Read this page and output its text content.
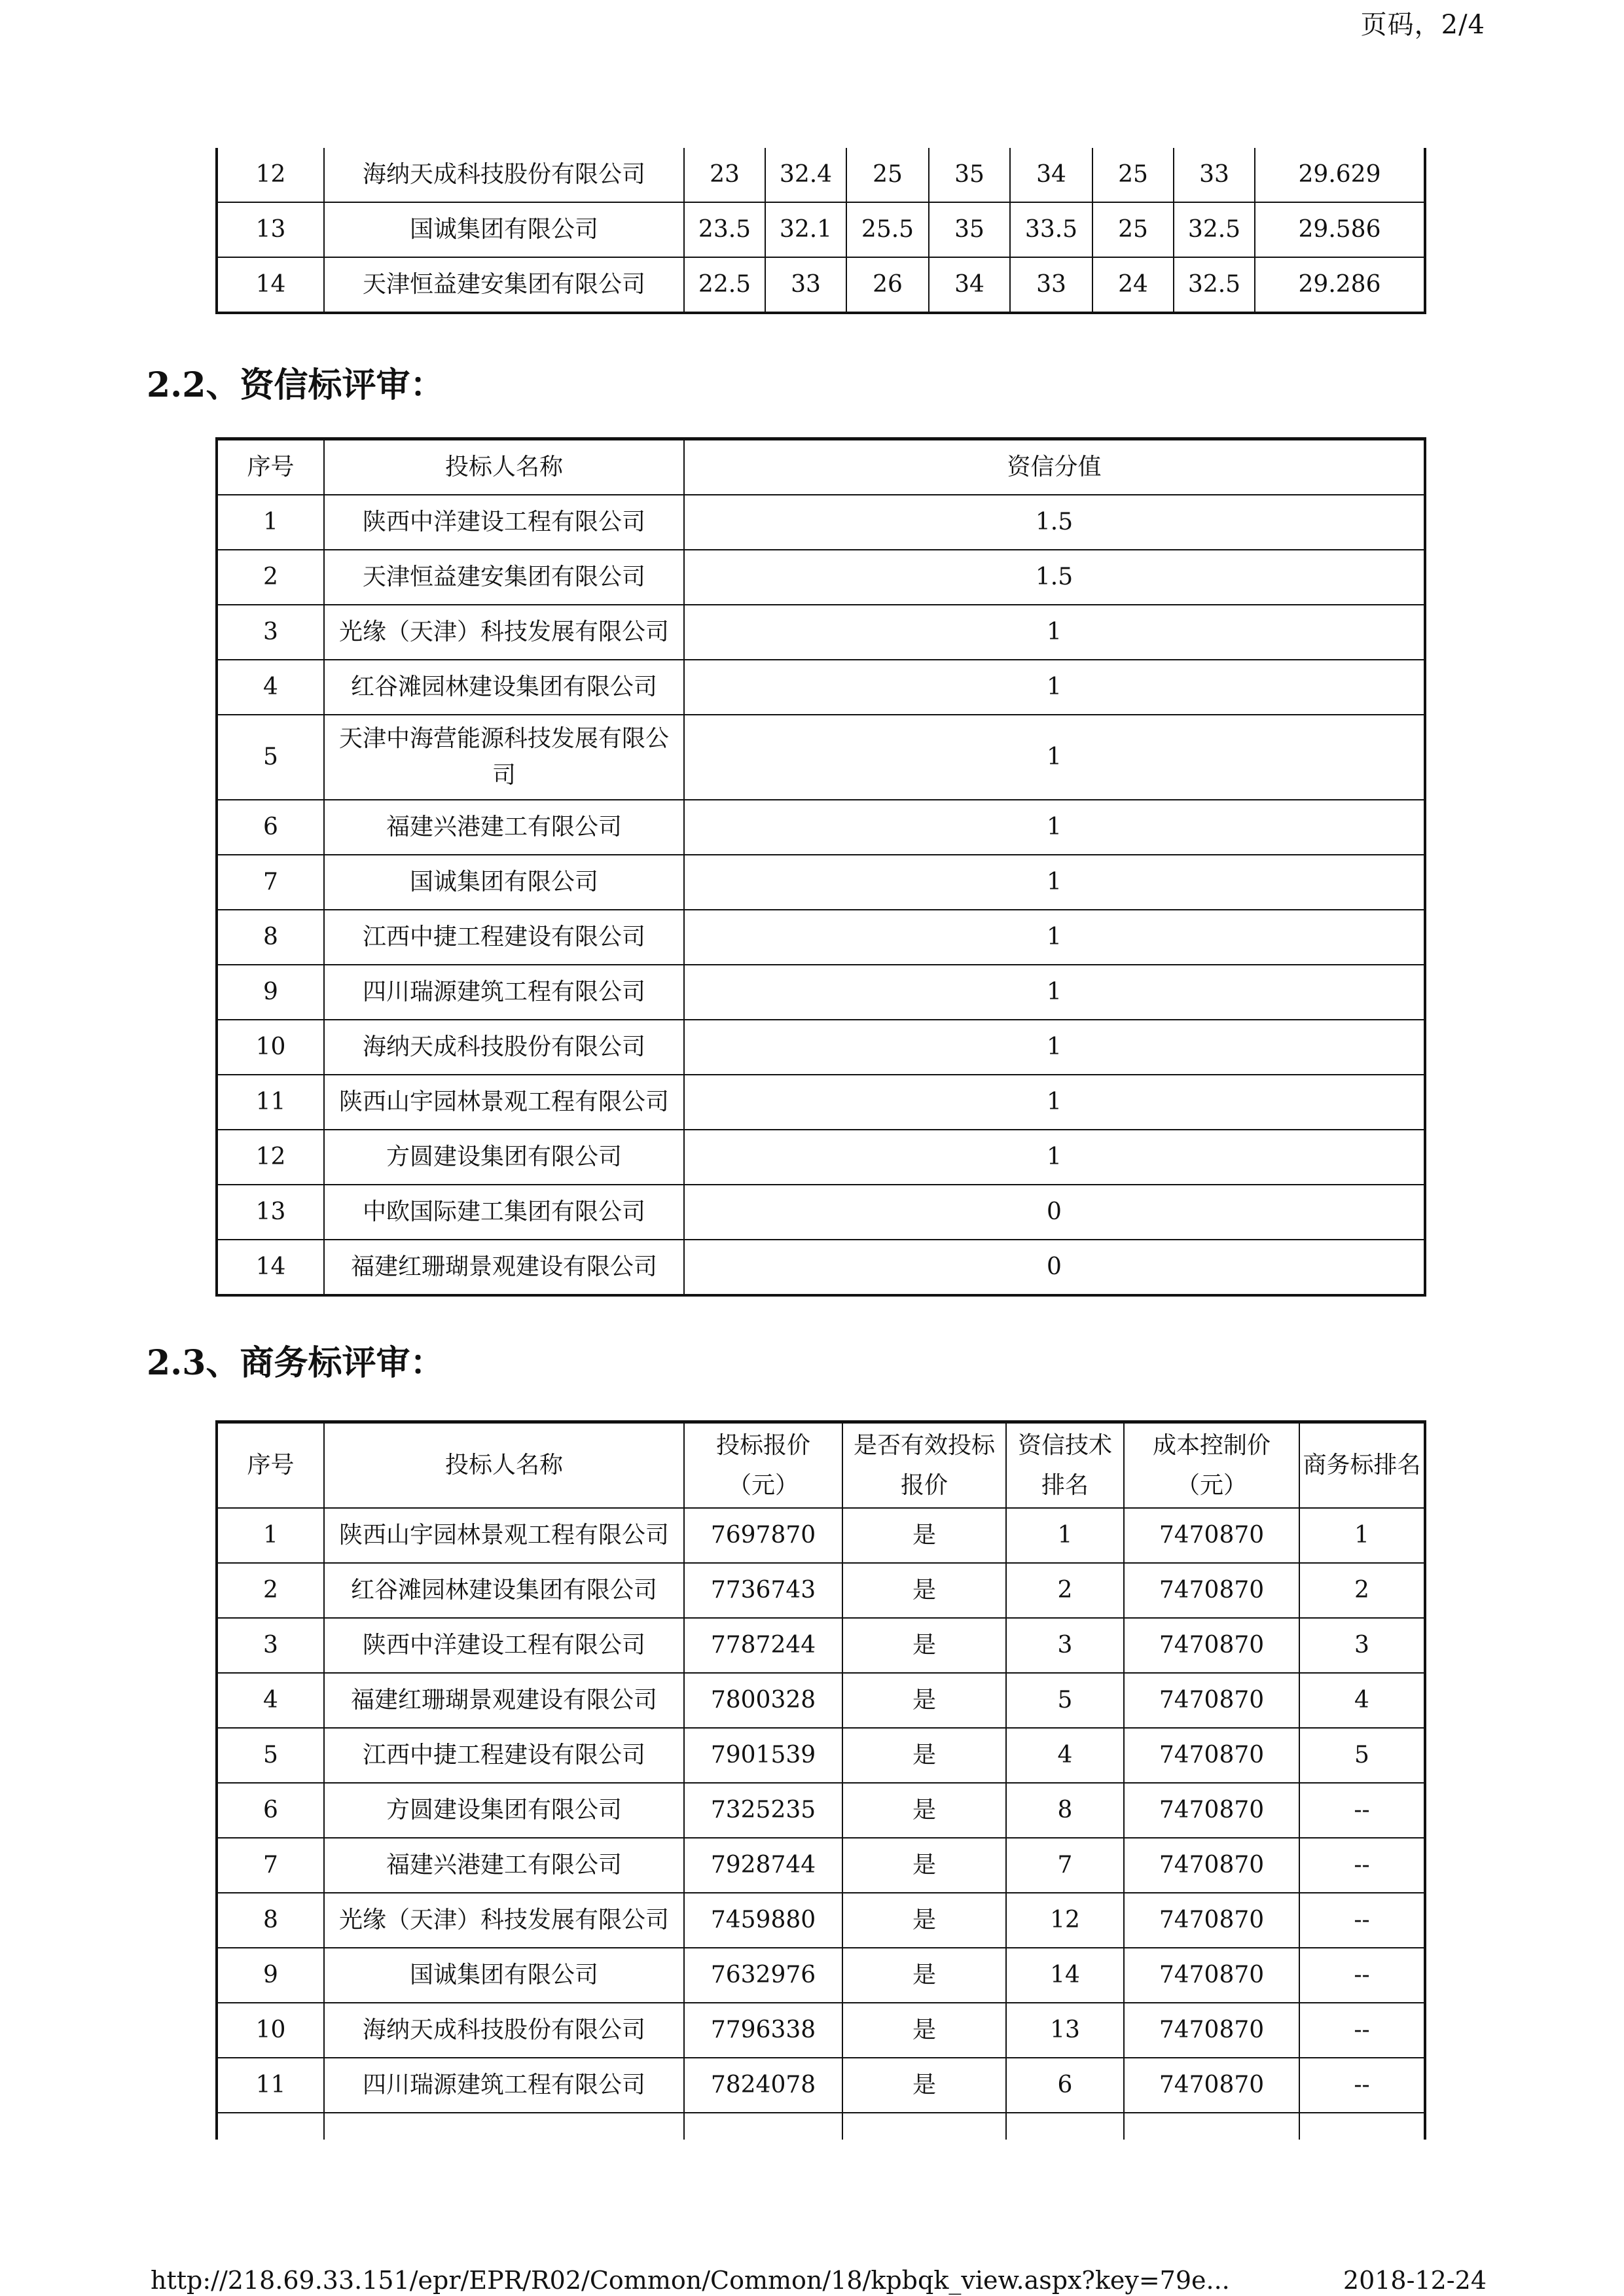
页码，2/4
12	海纳天成科技股份有限公司	23	32.4	25	35	34	25	33	29.629
13	国诚集团有限公司	23.5	32.1	25.5	35	33.5	25	32.5	29.586
14	天津恒益建安集团有限公司	22.5	33	26	34	33	24	32.5	29.286
2.2、资信标评审：
序号	投标人名称	资信分值
1	陕西中洋建设工程有限公司	1.5
2	天津恒益建安集团有限公司	1.5
3	光缘（天津）科技发展有限公司	1
4	红谷滩园林建设集团有限公司	1
5	天津中海营能源科技发展有限公司	1
6	福建兴港建工有限公司	1
7	国诚集团有限公司	1
8	江西中捷工程建设有限公司	1
9	四川瑞源建筑工程有限公司	1
10	海纳天成科技股份有限公司	1
11	陕西山宇园林景观工程有限公司	1
12	方圆建设集团有限公司	1
13	中欧国际建工集团有限公司	0
14	福建红珊瑚景观建设有限公司	0
2.3、商务标评审：
序号	投标人名称	投标报价（元）	是否有效投标报价	资信技术排名	成本控制价（元）	商务标排名
1	陕西山宇园林景观工程有限公司	7697870	是	1	7470870	1
2	红谷滩园林建设集团有限公司	7736743	是	2	7470870	2
3	陕西中洋建设工程有限公司	7787244	是	3	7470870	3
4	福建红珊瑚景观建设有限公司	7800328	是	5	7470870	4
5	江西中捷工程建设有限公司	7901539	是	4	7470870	5
6	方圆建设集团有限公司	7325235	是	8	7470870	--
7	福建兴港建工有限公司	7928744	是	7	7470870	--
8	光缘（天津）科技发展有限公司	7459880	是	12	7470870	--
9	国诚集团有限公司	7632976	是	14	7470870	--
10	海纳天成科技股份有限公司	7796338	是	13	7470870	--
11	四川瑞源建筑工程有限公司	7824078	是	6	7470870	--

http://218.69.33.151/epr/EPR/R02/Common/Common/18/kpbqk_view.aspx?key=79e...	2018-12-24
